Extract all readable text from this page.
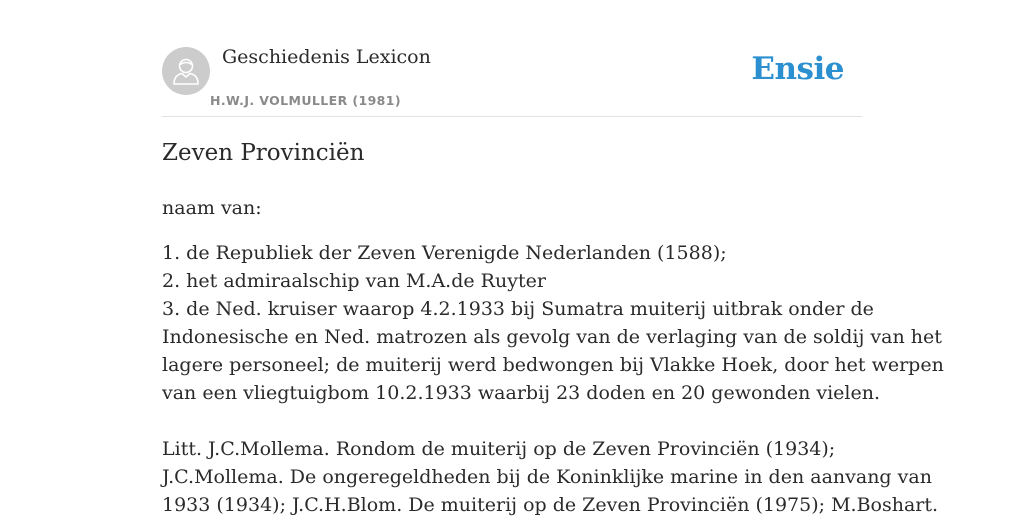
Geschiedenis Lexicon
H.W.J. VOLMULLER (1981)
Ensie
Zeven Provinciën
naam van:
1. de Republiek der Zeven Verenigde Nederlanden (1588);
2. het admiraalschip van M.A.de Ruyter
3. de Ned. kruiser waarop 4.2.1933 bij Sumatra muiterij uitbrak onder de
Indonesische en Ned. matrozen als gevolg van de verlaging van de soldij van het
lagere personeel; de muiterij werd bedwongen bij Vlakke Hoek, door het werpen
van een vliegtuigbom 10.2.1933 waarbij 23 doden en 20 gewonden vielen.
Litt. J.C.Mollema. Rondom de muiterij op de Zeven Provinciën (1934);
J.C.Mollema. De ongeregeldheden bij de Koninklijke marine in den aanvang van
1933 (1934); J.C.H.Blom. De muiterij op de Zeven Provinciën (1975); M.Boshart.
